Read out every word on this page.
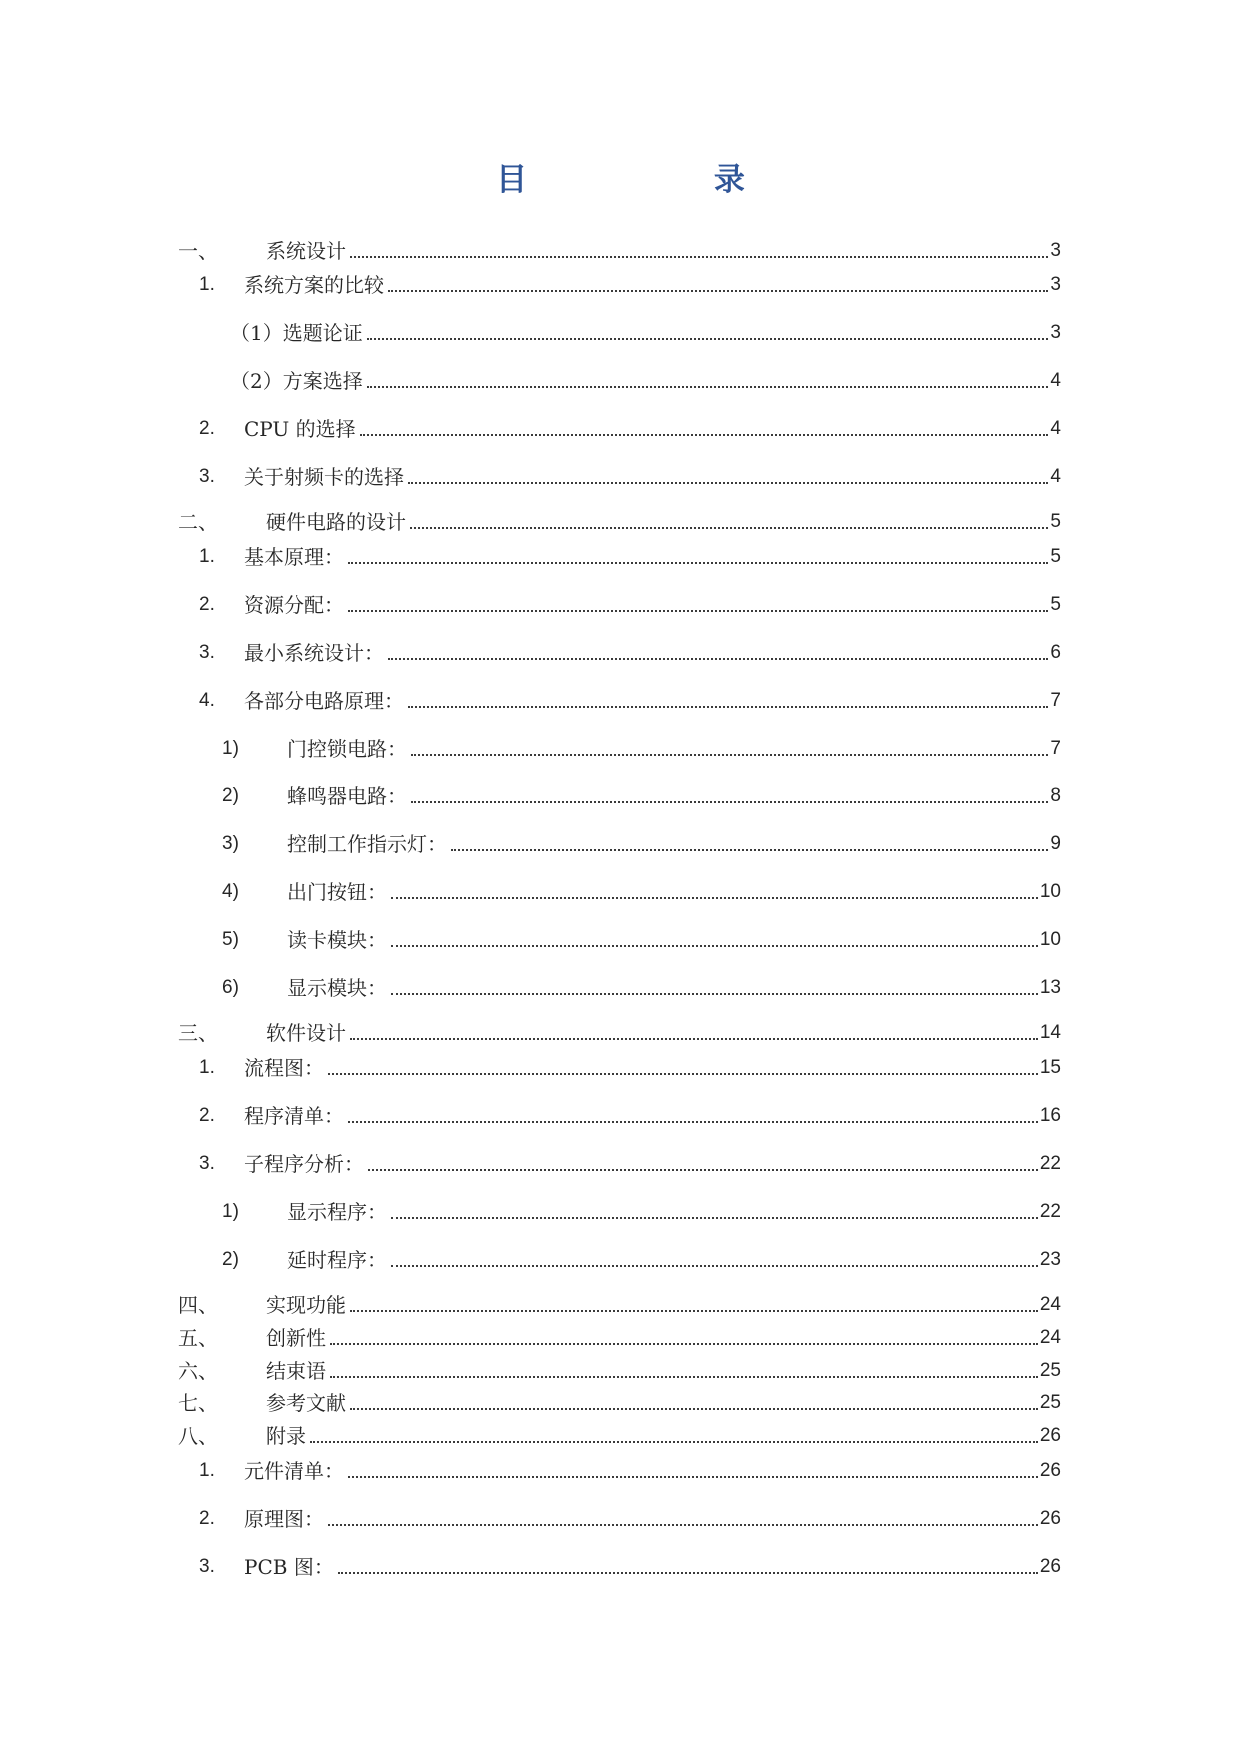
目 录
一、	系统设计	3
1.	系统方案的比较	3
（1） 选题论证	3
（2） 方案选择	4
2.	CPU 的选择	4
3.	关于射频卡的选择	4
二、	硬件电路的设计	5
1.	基本原理：	5
2.	资源分配：	5
3.	最小系统设计：	6
4.	各部分电路原理：	7
1)	门控锁电路：	7
2)	蜂鸣器电路：	8
3)	控制工作指示灯：	9
4)	出门按钮：	10
5)	读卡模块：	10
6)	显示模块：	13
三、	软件设计	14
1.	流程图：	15
2.	程序清单：	16
3.	子程序分析：	22
1)	显示程序：	22
2)	延时程序：	23
四、	实现功能	24
五、	创新性	24
六、	结束语	25
七、	参考文献	25
八、	附录	26
1.	元件清单：	26
2.	原理图：	26
3.	PCB 图：	26
